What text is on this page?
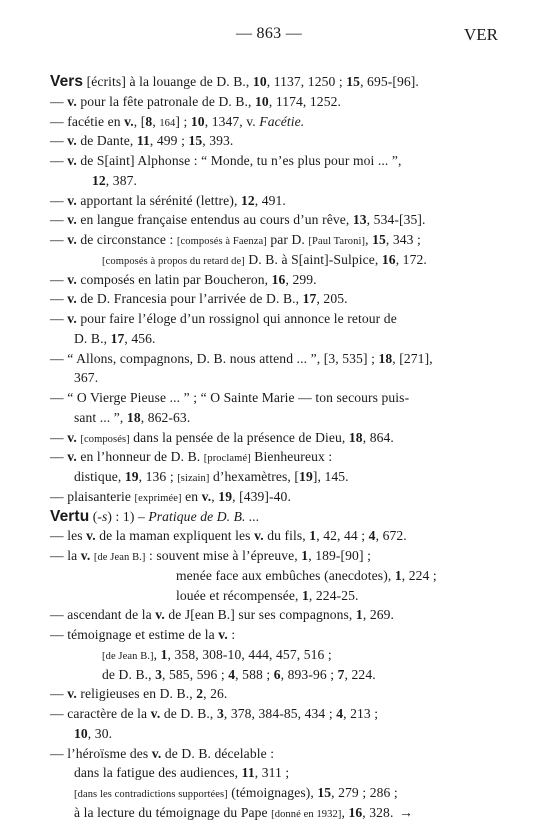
— 863 —	VER
Vers [écrits] à la louange de D. B., 10, 1137, 1250 ; 15, 695-[96].
— v. pour la fête patronale de D. B., 10, 1174, 1252.
— facétie en v., [8, 164] ; 10, 1347, v. Facétie.
— v. de Dante, 11, 499 ; 15, 393.
— v. de S[aint] Alphonse : “ Monde, tu n’es plus pour moi ... ”,
12, 387.
— v. apportant la sérénité (lettre), 12, 491.
— v. en langue française entendus au cours d’un rêve, 13, 534-[35].
— v. de circonstance : [composés à Faenza] par D. [Paul Taroni], 15, 343 ;
[composés à propos du retard de] D. B. à S[aint]-Sulpice, 16, 172.
— v. composés en latin par Boucheron, 16, 299.
— v. de D. Francesia pour l’arrivée de D. B., 17, 205.
— v. pour faire l’éloge d’un rossignol qui annonce le retour de
D. B., 17, 456.
— “ Allons, compagnons, D. B. nous attend ... ”, [3, 535] ; 18, [271],
367.
— “ O Vierge Pieuse ... ” ; “ O Sainte Marie — ton secours puis-
sant ... ”, 18, 862-63.
— v. [composés] dans la pensée de la présence de Dieu, 18, 864.
— v. en l’honneur de D. B. [proclamé] Bienheureux :
distique, 19, 136 ; [sizain] d’hexamètres, [19], 145.
— plaisanterie [exprimée] en v., 19, [439]-40.
Vertu (-s) : 1) – Pratique de D. B. ...
— les v. de la maman expliquent les v. du fils, 1, 42, 44 ; 4, 672.
— la v. [de Jean B.] : souvent mise à l’épreuve, 1, 189-[90] ;
menée face aux embûches (anecdotes), 1, 224 ;
louée et récompensée, 1, 224-25.
— ascendant de la v. de J[ean B.] sur ses compagnons, 1, 269.
— témoignage et estime de la v. :
[de Jean B.], 1, 358, 308-10, 444, 457, 516 ;
de D. B., 3, 585, 596 ; 4, 588 ; 6, 893-96 ; 7, 224.
— v. religieuses en D. B., 2, 26.
— caractère de la v. de D. B., 3, 378, 384-85, 434 ; 4, 213 ;
10, 30.
— l’héroïsme des v. de D. B. décelable :
dans la fatigue des audiences, 11, 311 ;
[dans les contradictions supportées] (témoignages), 15, 279 ; 286 ;
à la lecture du témoignage du Pape [donné en 1932], 16, 328. →
